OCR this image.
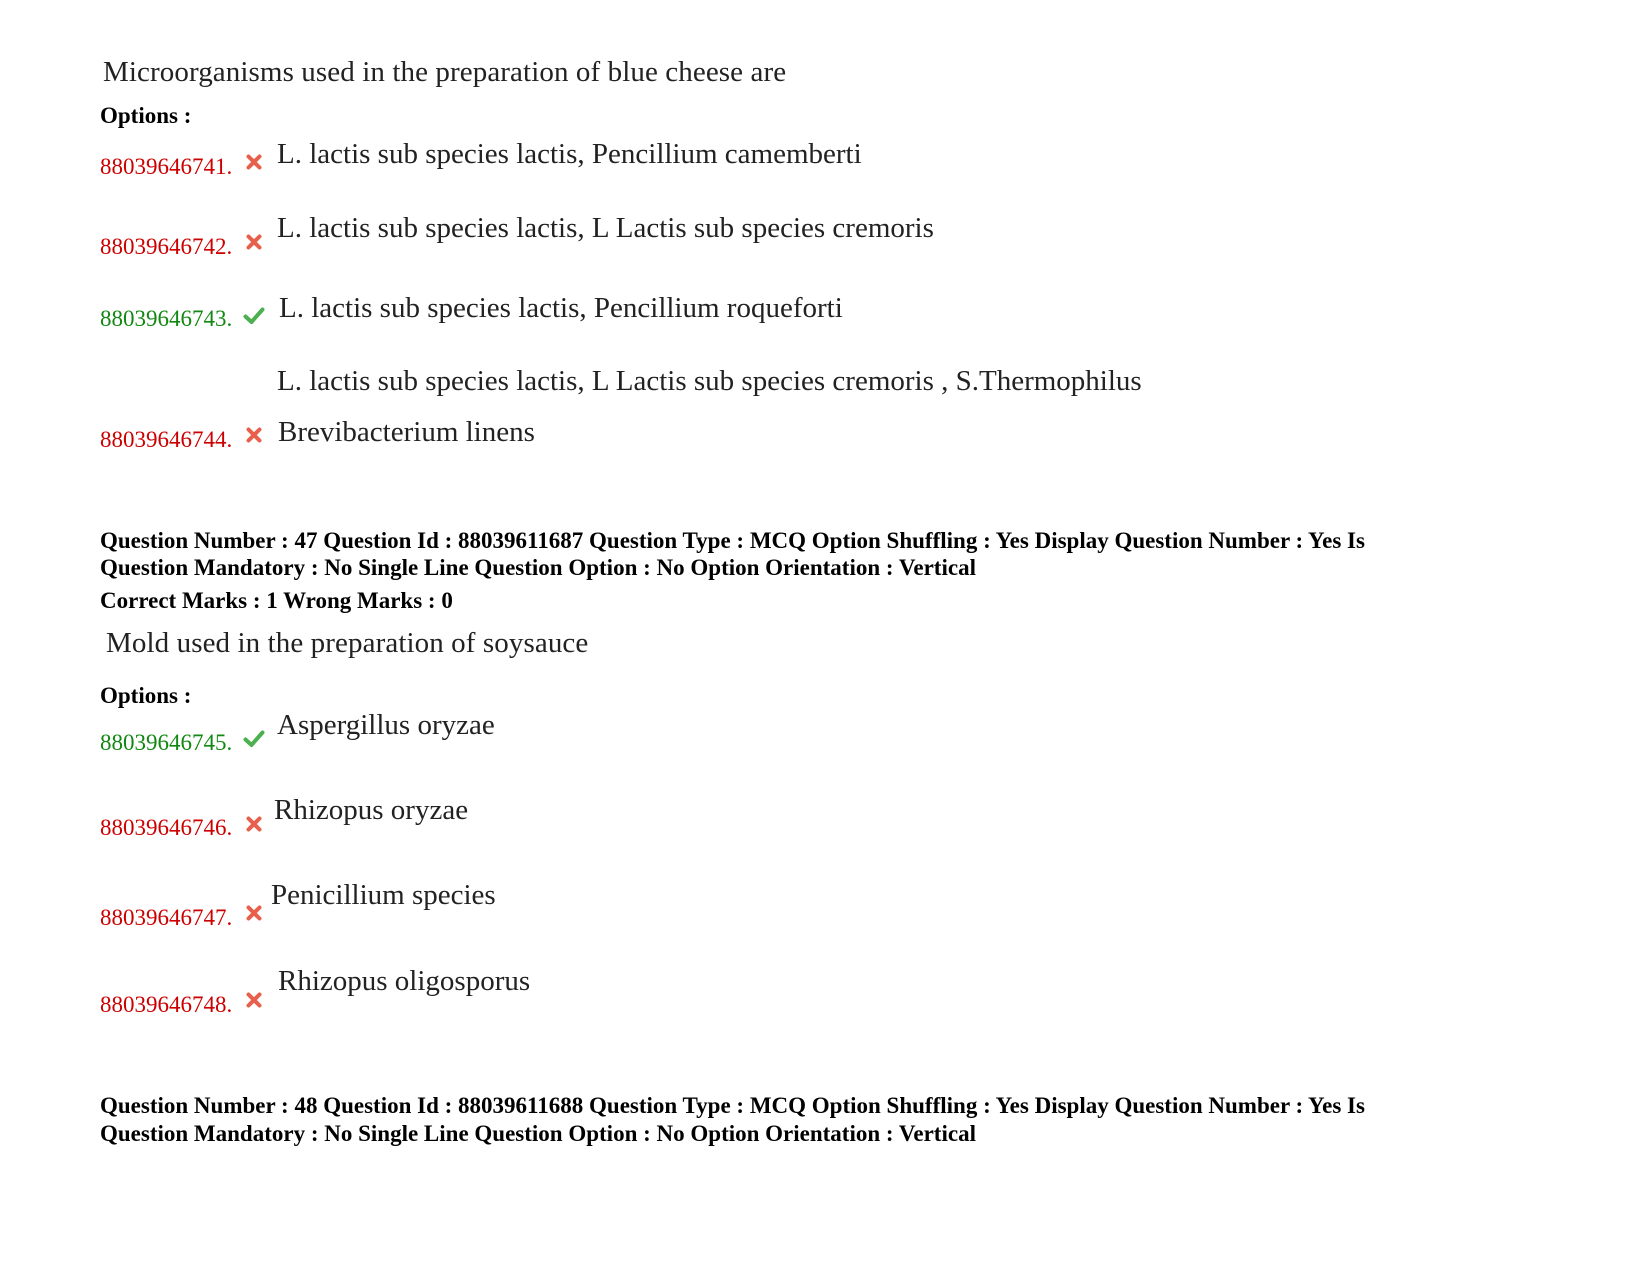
Microorganisms used in the preparation of blue cheese are
Options :
88039646741. L. lactis sub species lactis, Pencillium camemberti
88039646742.
L. lactis sub species lactis, L Lactis sub species cremoris
88039646743. L. lactis sub species lactis, Pencillium roqueforti
L. lactis sub species lactis, L Lactis sub species cremoris , S.Thermophilus
88039646744. Brevibacterium linens
Question Number : 47 Question Id : 88039611687 Question Type : MCQ Option Shuffling : Yes Display Question Number : Yes Is
Question Mandatory : No Single Line Question Option : No Option Orientation : Vertical
Correct Marks : 1 Wrong Marks : 0
Mold used in the preparation of soysauce
Options :
88039646745.
Aspergillus oryzae
88039646746.
Rhizopus oryzae
88039646747.
Penicillium species
88039646748.
Rhizopus oligosporus
Question Number : 48 Question Id : 88039611688 Question Type : MCQ Option Shuffling : Yes Display Question Number : Yes Is
Question Mandatory : No Single Line Question Option : No Option Orientation : Vertical
